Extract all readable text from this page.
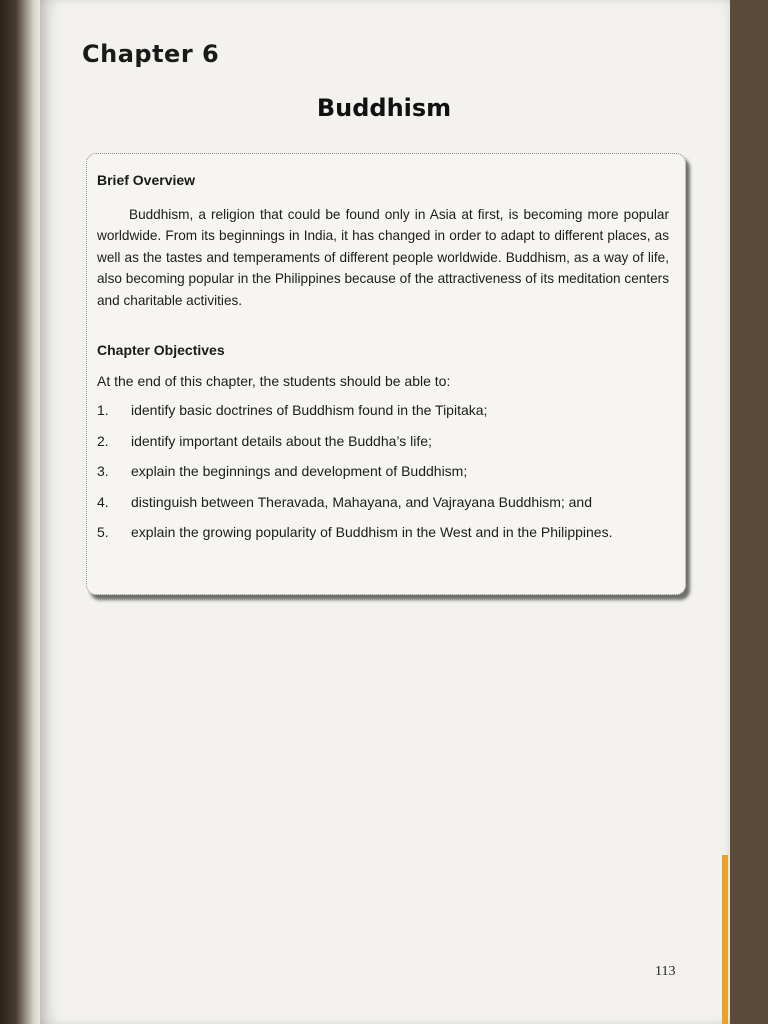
Chapter 6
Buddhism
Brief Overview
Buddhism, a religion that could be found only in Asia at first, is becoming more popular worldwide. From its beginnings in India, it has changed in order to adapt to different places, as well as the tastes and temperaments of different people worldwide. Buddhism, as a way of life, also becoming popular in the Philippines because of the attractiveness of its meditation centers and charitable activities.
Chapter Objectives
At the end of this chapter, the students should be able to:
1. identify basic doctrines of Buddhism found in the Tipitaka;
2. identify important details about the Buddha’s life;
3. explain the beginnings and development of Buddhism;
4. distinguish between Theravada, Mahayana, and Vajrayana Buddhism; and
5. explain the growing popularity of Buddhism in the West and in the Philippines.
113
